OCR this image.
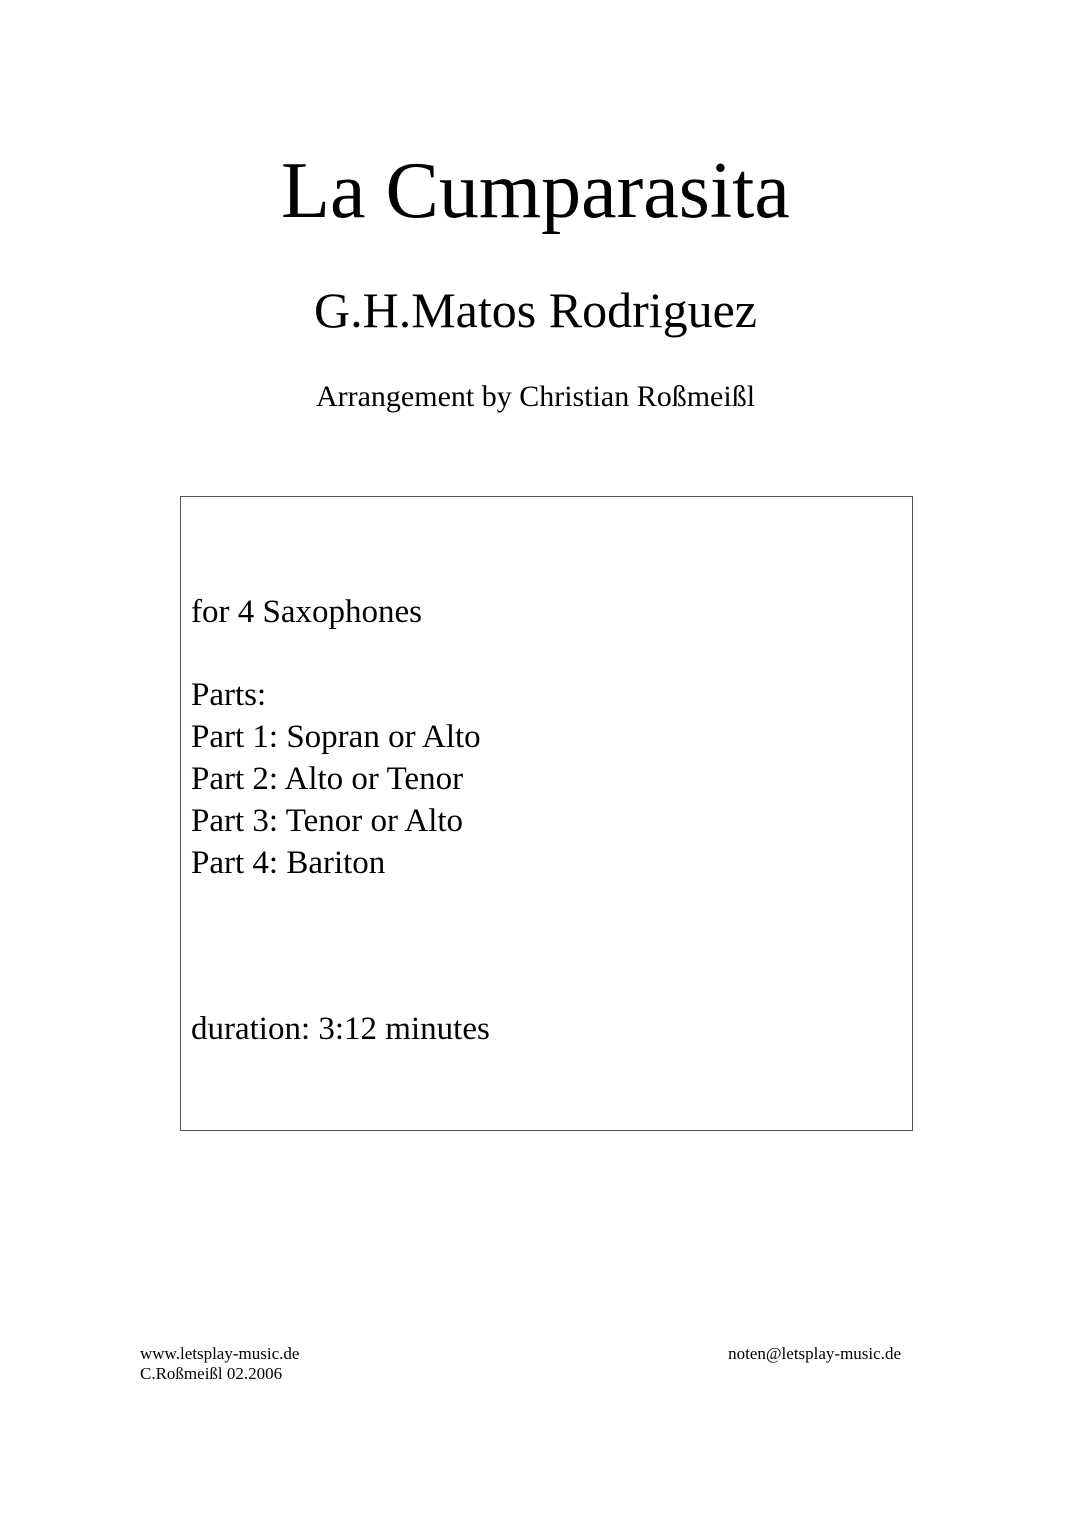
La Cumparasita
G.H.Matos Rodriguez
Arrangement by Christian Roßmeißl
for 4 Saxophones
Parts:
Part 1: Sopran or Alto
Part 2: Alto or Tenor
Part 3: Tenor or Alto
Part 4: Bariton
duration: 3:12 minutes
www.letsplay-music.de
C.Roßmeißl 02.2006
noten@letsplay-music.de
